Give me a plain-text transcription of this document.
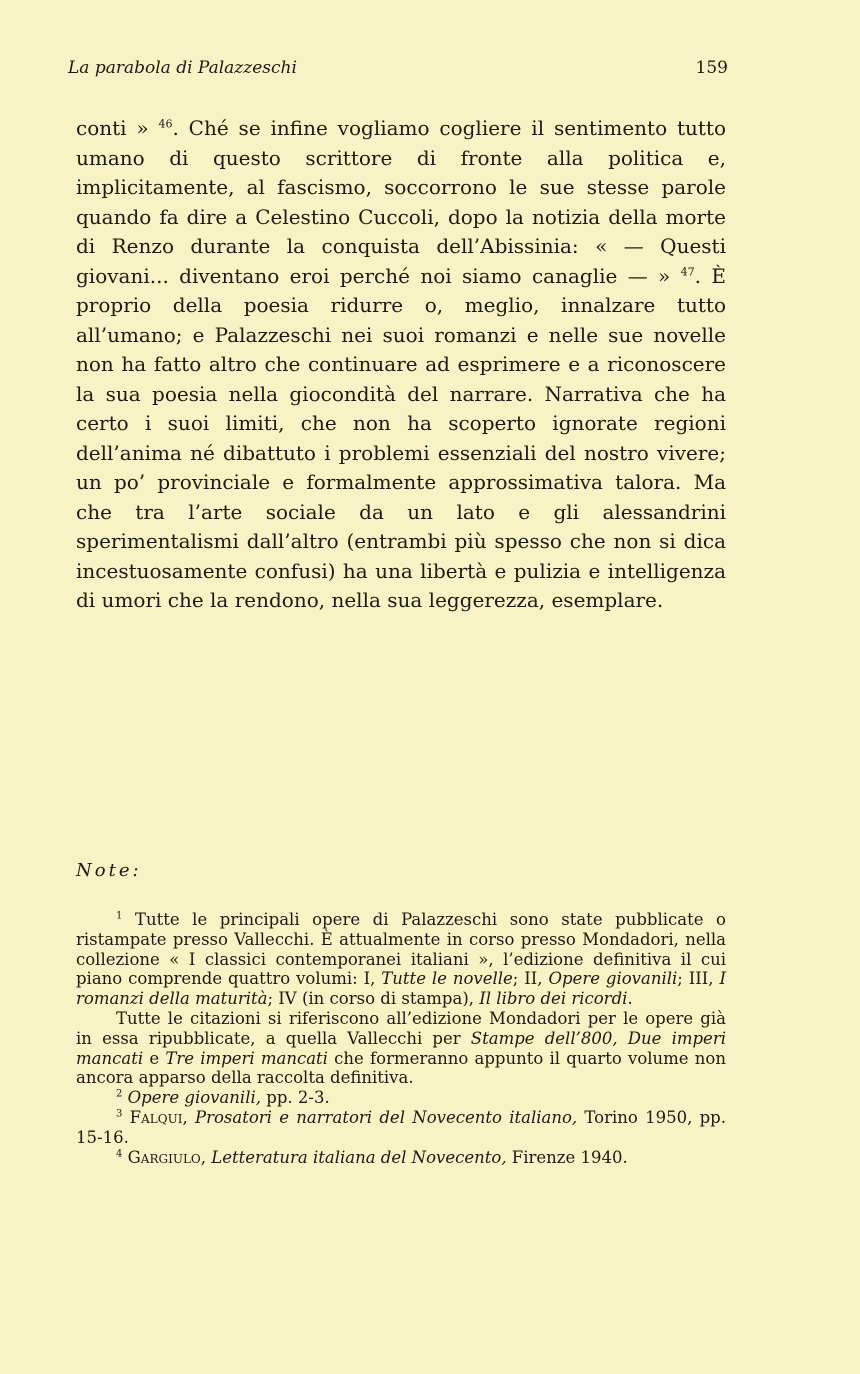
La parabola di Palazzeschi	159

conti » $^{46}$. Ché se infine vogliamo cogliere il sentimento tutto umano di questo scrittore di fronte alla politica e, implicitamente, al fascismo, soccorrono le sue stesse parole quando fa dire a Celestino Cuccoli, dopo la notizia della morte di Renzo durante la conquista dell’Abissinia: « — Questi giovani... diventano eroi perché noi siamo canaglie — » $^{47}$. È proprio della poesia ridurre o, meglio, innalzare tutto all’umano; e Palazzeschi nei suoi romanzi e nelle sue novelle non ha fatto altro che continuare ad esprimere e a riconoscere la sua poesia nella giocondità del narrare. Narrativa che ha certo i suoi limiti, che non ha scoperto ignorate regioni dell’anima né dibattuto i problemi essenziali del nostro vivere; un po’ provinciale e formalmente approssimativa talora. Ma che tra l’arte sociale da un lato e gli alessandrini sperimentalismi dall’altro (entrambi più spesso che non si dica incestuosamente confusi) ha una libertà e pulizia e intelligenza di umori che la rendono, nella sua leggerezza, esemplare.

Note:

$^1$ Tutte le principali opere di Palazzeschi sono state pubblicate o ristampate presso Vallecchi. È attualmente in corso presso Mondadori, nella collezione « I classici contemporanei italiani », l’edizione definitiva il cui piano comprende quattro volumi: I, Tutte le novelle; II, Opere giovanili; III, I romanzi della maturità; IV (in corso di stampa), Il libro dei ricordi.

Tutte le citazioni si riferiscono all’edizione Mondadori per le opere già in essa ripubblicate, a quella Vallecchi per Stampe dell’800, Due imperi mancati e Tre imperi mancati che formeranno appunto il quarto volume non ancora apparso della raccolta definitiva.

$^2$ Opere giovanili, pp. 2-3.

$^3$ Falqui, Prosatori e narratori del Novecento italiano, Torino 1950, pp. 15-16.

$^4$ Gargiulo, Letteratura italiana del Novecento, Firenze 1940.
